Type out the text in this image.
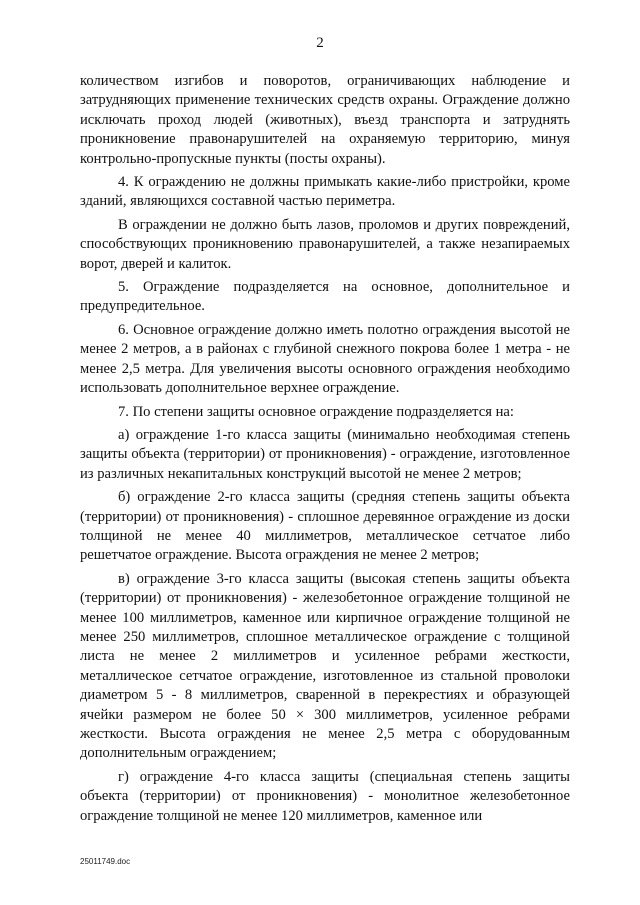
2

количеством изгибов и поворотов, ограничивающих наблюдение и затрудняющих применение технических средств охраны. Ограждение должно исключать проход людей (животных), въезд транспорта и затруднять проникновение правонарушителей на охраняемую территорию, минуя контрольно-пропускные пункты (посты охраны).

4. К ограждению не должны примыкать какие-либо пристройки, кроме зданий, являющихся составной частью периметра.

В ограждении не должно быть лазов, проломов и других повреждений, способствующих проникновению правонарушителей, а также незапираемых ворот, дверей и калиток.

5. Ограждение подразделяется на основное, дополнительное и предупредительное.

6. Основное ограждение должно иметь полотно ограждения высотой не менее 2 метров, а в районах с глубиной снежного покрова более 1 метра - не менее 2,5 метра. Для увеличения высоты основного ограждения необходимо использовать дополнительное верхнее ограждение.

7. По степени защиты основное ограждение подразделяется на:

а) ограждение 1-го класса защиты (минимально необходимая степень защиты объекта (территории) от проникновения) - ограждение, изготовленное из различных некапитальных конструкций высотой не менее 2 метров;

б) ограждение 2-го класса защиты (средняя степень защиты объекта (территории) от проникновения) - сплошное деревянное ограждение из доски толщиной не менее 40 миллиметров, металлическое сетчатое либо решетчатое ограждение. Высота ограждения не менее 2 метров;

в) ограждение 3-го класса защиты (высокая степень защиты объекта (территории) от проникновения) - железобетонное ограждение толщиной не менее 100 миллиметров, каменное или кирпичное ограждение толщиной не менее 250 миллиметров, сплошное металлическое ограждение с толщиной листа не менее 2 миллиметров и усиленное ребрами жесткости, металлическое сетчатое ограждение, изготовленное из стальной проволоки диаметром 5 - 8 миллиметров, сваренной в перекрестиях и образующей ячейки размером не более 50 × 300 миллиметров, усиленное ребрами жесткости. Высота ограждения не менее 2,5 метра с оборудованным дополнительным ограждением;

г) ограждение 4-го класса защиты (специальная степень защиты объекта (территории) от проникновения) - монолитное железобетонное ограждение толщиной не менее 120 миллиметров, каменное или

25011749.doc
